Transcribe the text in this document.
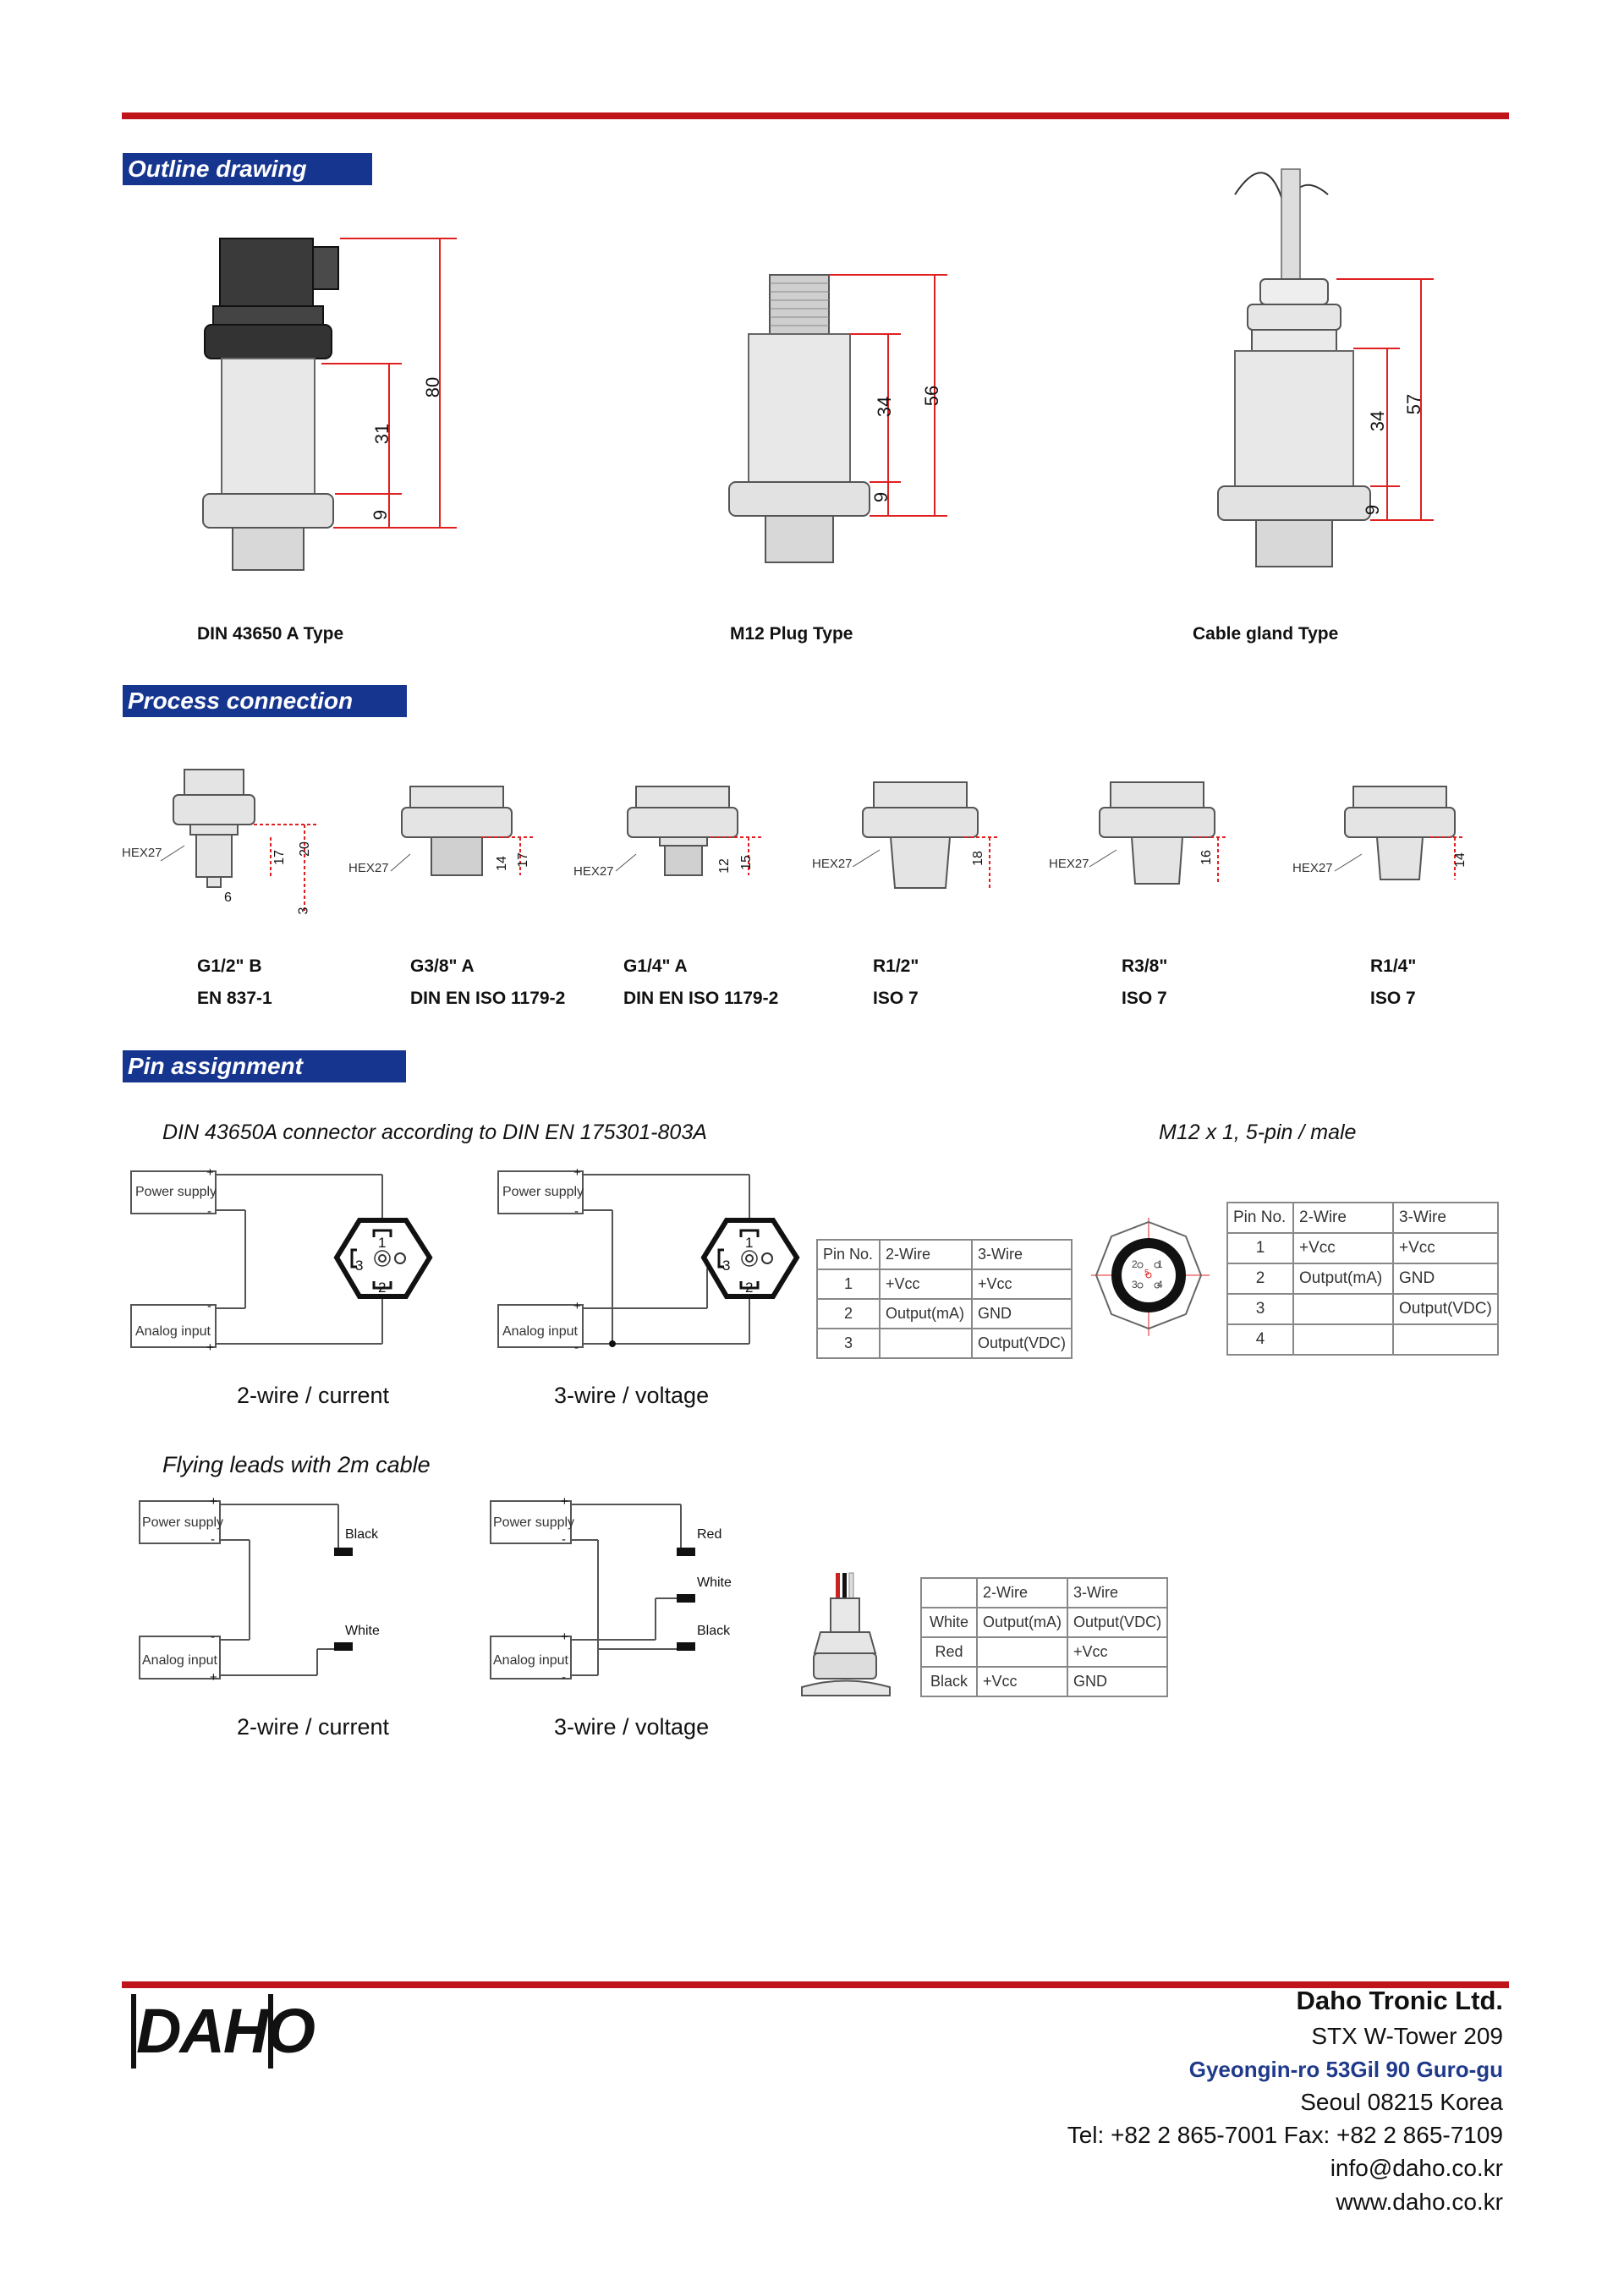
Outline drawing
80
31
9
56
34
9
57
34
9
DIN 43650 A Type	M12 Plug Type	Cable gland Type
Process connection
HEX27
HEX27	HEX27
HEX27	HEX27	HEX27
17
20
6
3
14 17	12 15	18	16	14
G1/2" B
EN 837-1
G3/8" A
DIN EN ISO 1179-2
G1/4" A
DIN EN ISO 1179-2
R1/2"
ISO 7
R3/8"
ISO 7
R1/4"
ISO 7
Pin assignment
DIN 43650A connector according to DIN EN 175301-803A	M12 x 1, 5-pin / male
Power supply
Analog input
+
-
-
+
1
2
3
2-wire / current
Power supply
Analog input
+
-
+
-
1
2
3
3-wire / voltage
Pin No.	2-Wire	3-Wire
1	+Vcc	+Vcc
2	Output(mA)	GND
3		Output(VDC)
1
2
3 4
5
Pin No.	2-Wire	3-Wire
1	+Vcc	+Vcc
2	Output(mA)	GND
3		Output(VDC)
4		
Flying leads with 2m cable
Power supply
Analog input
+
-
-
+
Black
White
2-wire / current
Power supply
Analog input
+
-
+
-
Red
White
Black
3-wire / voltage
	2-Wire	3-Wire
White	Output(mA)	Output(VDC)
Red		+Vcc
Black	+Vcc	GND
DAHO	Daho Tronic Ltd.
STX W-Tower 209
Gyeongin-ro 53Gil 90 Guro-gu
Seoul 08215 Korea
Tel: +82 2 865-7001 Fax: +82 2 865-7109
info@daho.co.kr
www.daho.co.kr
